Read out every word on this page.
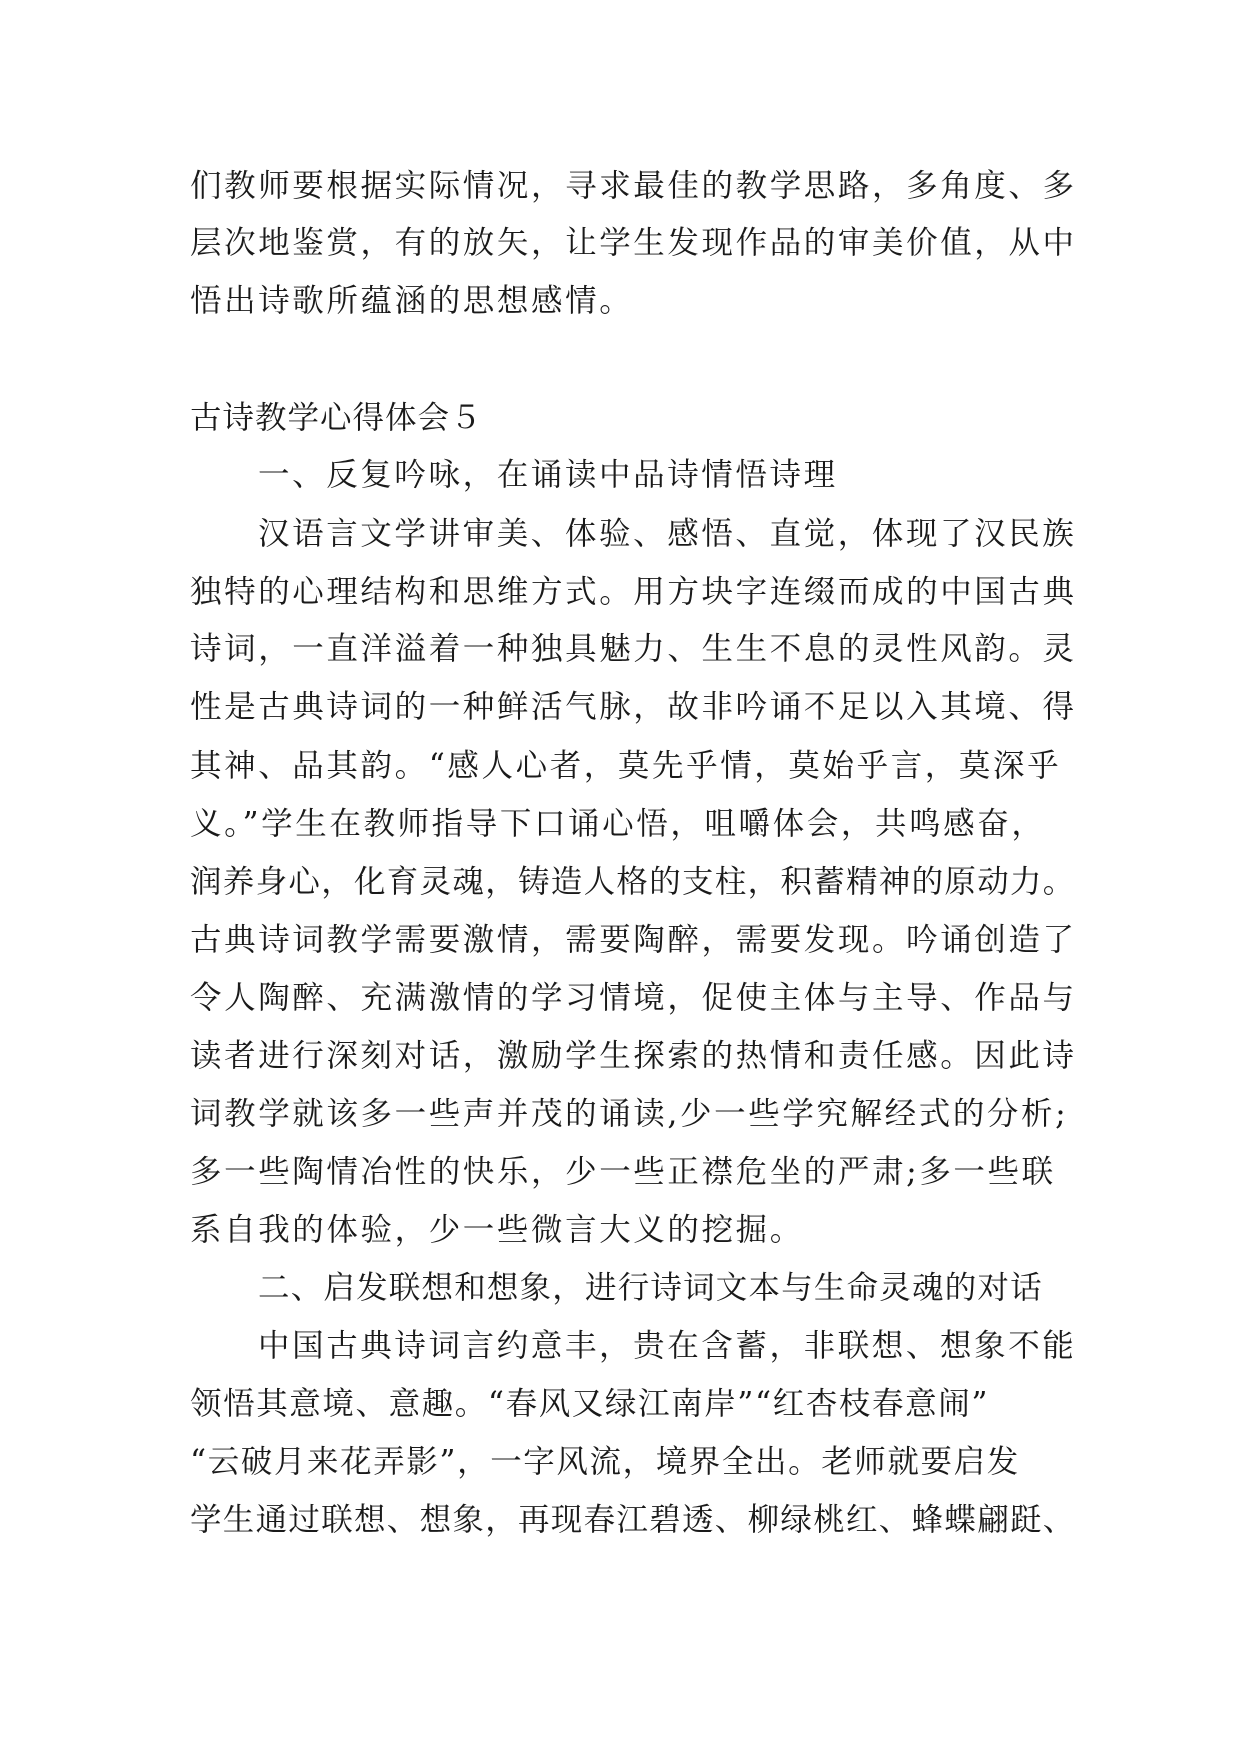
们教师要根据实际情况，寻求最佳的教学思路，多角度、多
层次地鉴赏，有的放矢，让学生发现作品的审美价值，从中
悟出诗歌所蕴涵的思想感情。
古诗教学心得体会５
一、反复吟咏，在诵读中品诗情悟诗理
汉语言文学讲审美、体验、感悟、直觉，体现了汉民族
独特的心理结构和思维方式。用方块字连缀而成的中国古典
诗词，一直洋溢着一种独具魅力、生生不息的灵性风韵。灵
性是古典诗词的一种鲜活气脉，故非吟诵不足以入其境、得
其神、品其韵。“感人心者，莫先乎情，莫始乎言，莫深乎
义。”学生在教师指导下口诵心悟，咀嚼体会，共鸣感奋，
润养身心，化育灵魂，铸造人格的支柱，积蓄精神的原动力。
古典诗词教学需要激情，需要陶醉，需要发现。吟诵创造了
令人陶醉、充满激情的学习情境，促使主体与主导、作品与
读者进行深刻对话，激励学生探索的热情和责任感。因此诗
词教学就该多一些声并茂的诵读,少一些学究解经式的分析;
多一些陶情冶性的快乐，少一些正襟危坐的严肃;多一些联
系自我的体验，少一些微言大义的挖掘。
二、启发联想和想象，进行诗词文本与生命灵魂的对话
中国古典诗词言约意丰，贵在含蓄，非联想、想象不能
领悟其意境、意趣。“春风又绿江南岸”“红杏枝春意闹”
“云破月来花弄影”，一字风流，境界全出。老师就要启发
学生通过联想、想象，再现春江碧透、柳绿桃红、蜂蝶翩跹、
